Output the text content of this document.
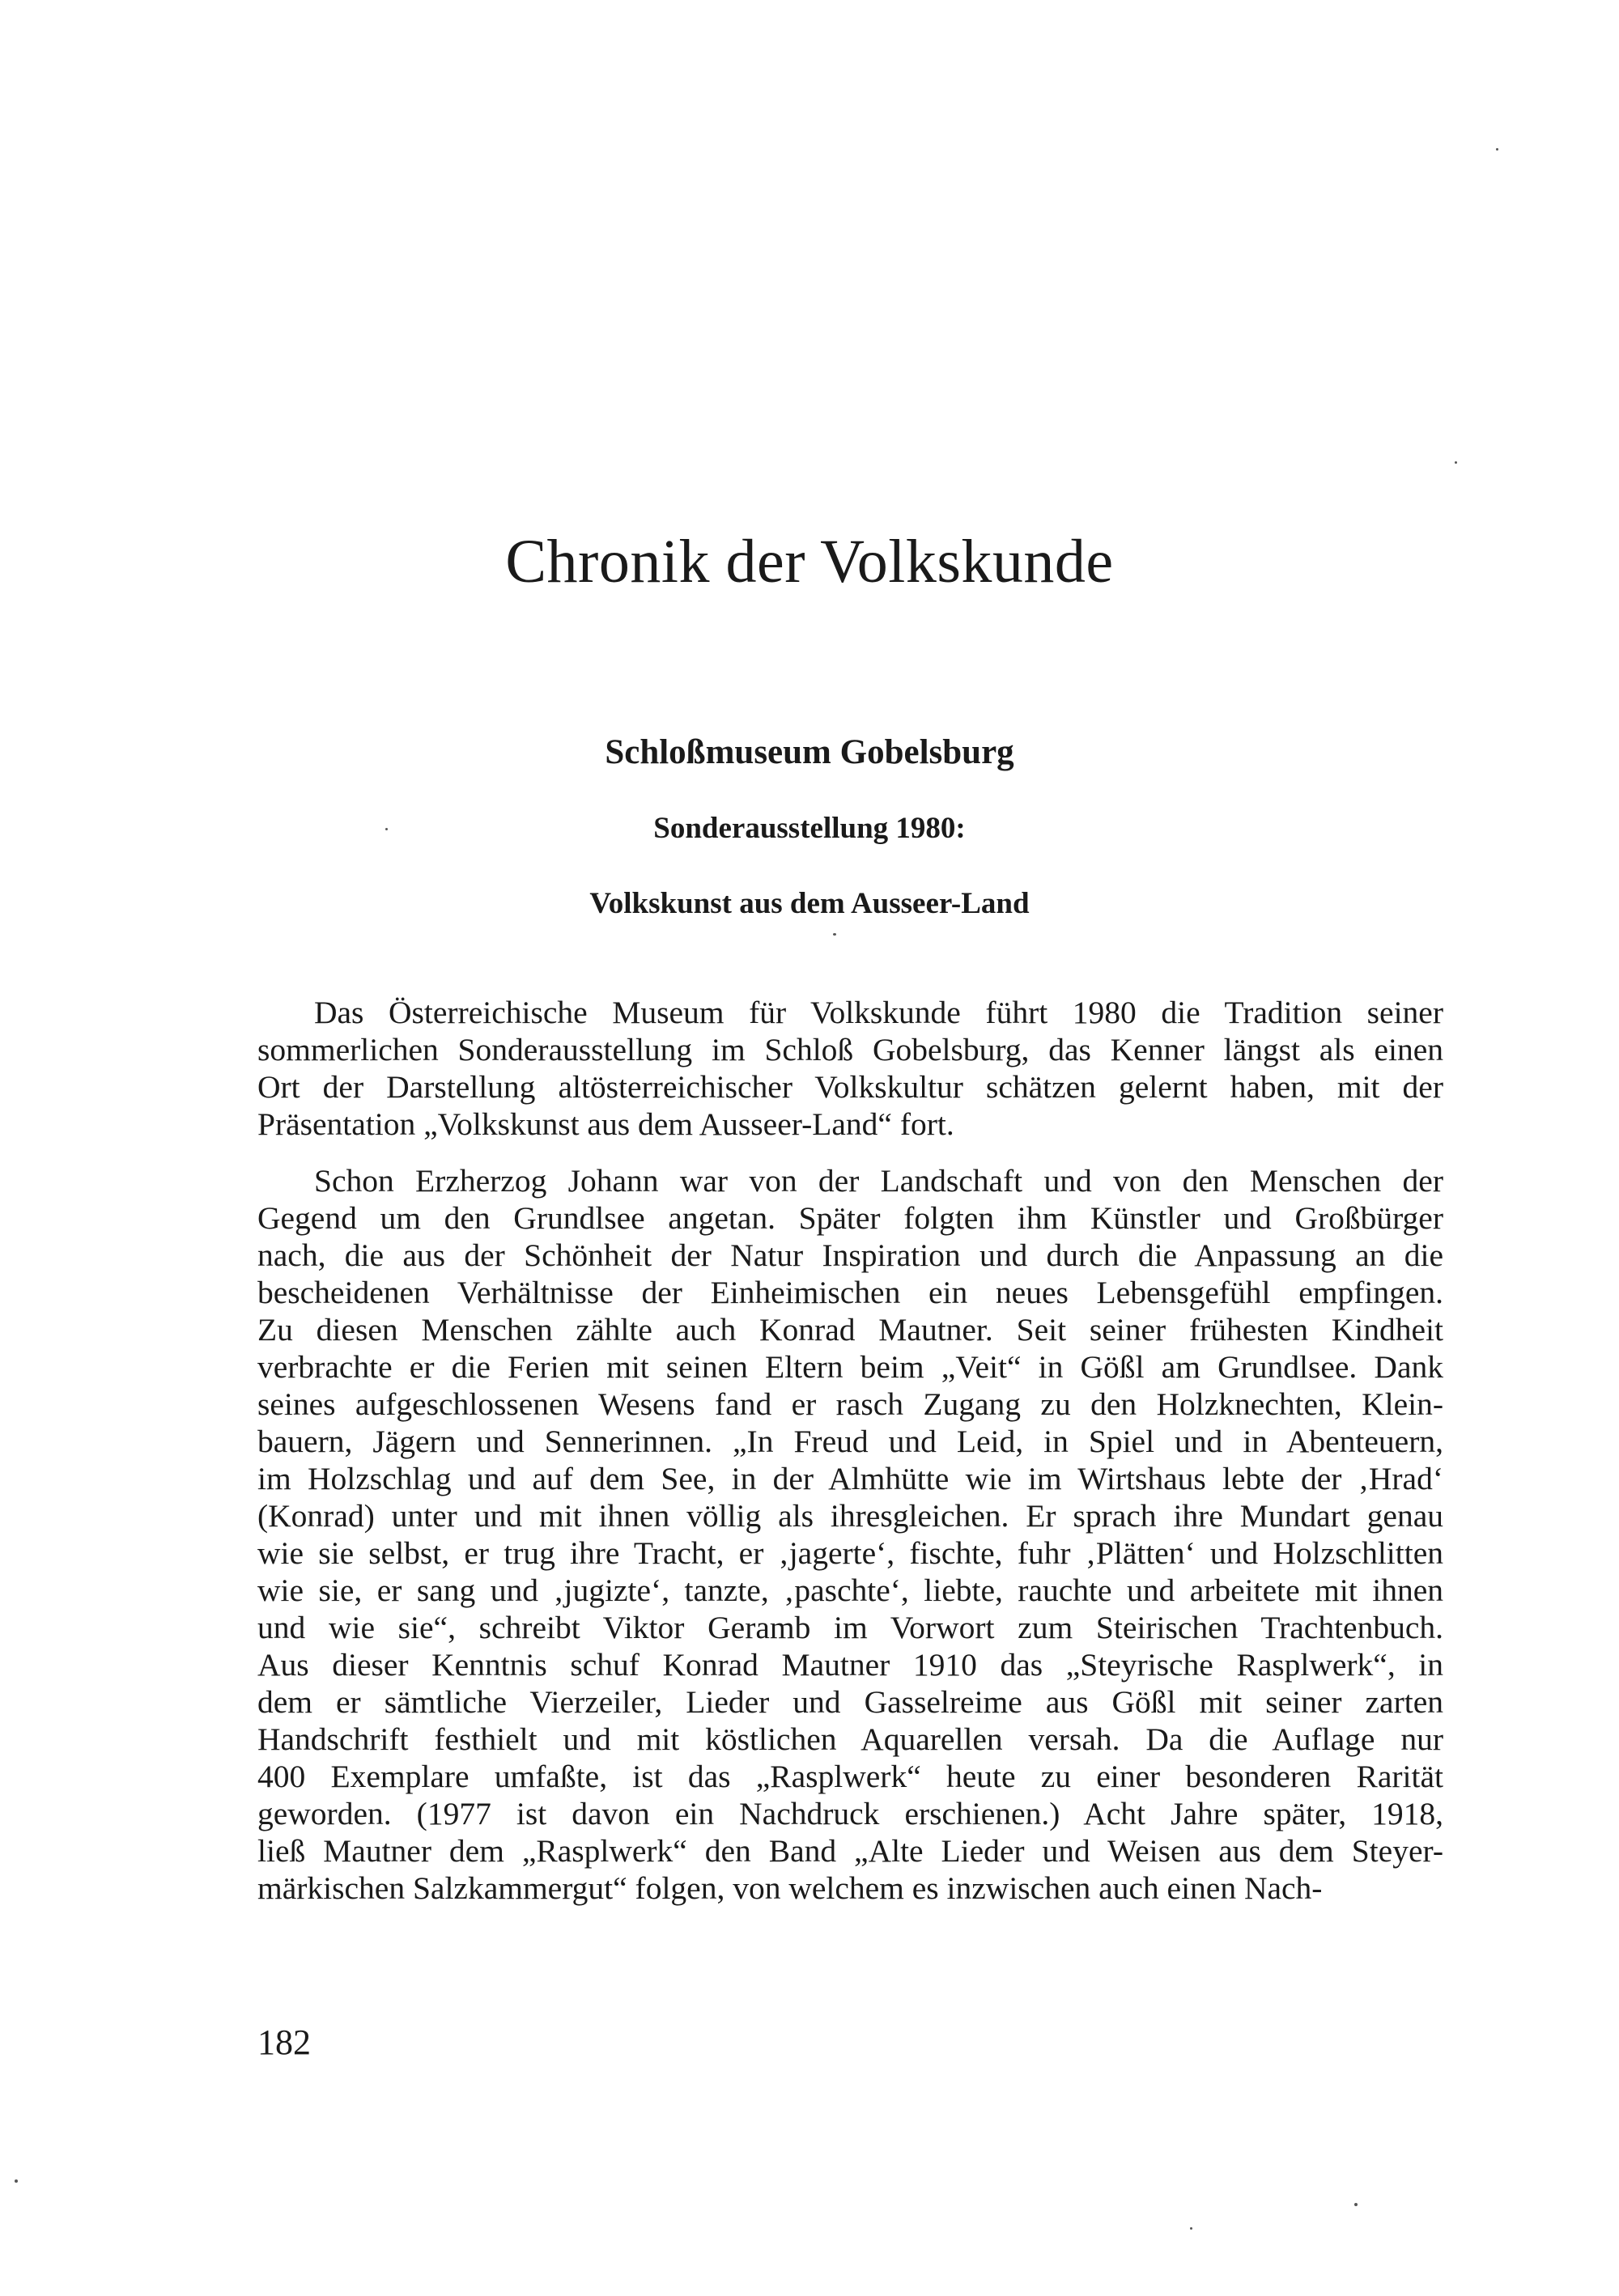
Chronik der Volkskunde
Schloßmuseum Gobelsburg
Sonderausstellung 1980:
Volkskunst aus dem Ausseer-Land
Das Österreichische Museum für Volkskunde führt 1980 die Tradition seiner
sommerlichen Sonderausstellung im Schloß Gobelsburg, das Kenner längst als einen
Ort der Darstellung altösterreichischer Volkskultur schätzen gelernt haben, mit der
Präsentation „Volkskunst aus dem Ausseer-Land“ fort.
Schon Erzherzog Johann war von der Landschaft und von den Menschen der
Gegend um den Grundlsee angetan. Später folgten ihm Künstler und Großbürger
nach, die aus der Schönheit der Natur Inspiration und durch die Anpassung an die
bescheidenen Verhältnisse der Einheimischen ein neues Lebensgefühl empfingen.
Zu diesen Menschen zählte auch Konrad Mautner. Seit seiner frühesten Kindheit
verbrachte er die Ferien mit seinen Eltern beim „Veit“ in Gößl am Grundlsee. Dank
seines aufgeschlossenen Wesens fand er rasch Zugang zu den Holzknechten, Klein-
bauern, Jägern und Sennerinnen. „In Freud und Leid, in Spiel und in Abenteuern,
im Holzschlag und auf dem See, in der Almhütte wie im Wirtshaus lebte der ‚Hrad‘
(Konrad) unter und mit ihnen völlig als ihresgleichen. Er sprach ihre Mundart genau
wie sie selbst, er trug ihre Tracht, er ‚jagerte‘, fischte, fuhr ‚Plätten‘ und Holzschlitten
wie sie, er sang und ‚jugizte‘, tanzte, ‚paschte‘, liebte, rauchte und arbeitete mit ihnen
und wie sie“, schreibt Viktor Geramb im Vorwort zum Steirischen Trachtenbuch.
Aus dieser Kenntnis schuf Konrad Mautner 1910 das „Steyrische Rasplwerk“, in
dem er sämtliche Vierzeiler, Lieder und Gasselreime aus Gößl mit seiner zarten
Handschrift festhielt und mit köstlichen Aquarellen versah. Da die Auflage nur
400 Exemplare umfaßte, ist das „Rasplwerk“ heute zu einer besonderen Rarität
geworden. (1977 ist davon ein Nachdruck erschienen.) Acht Jahre später, 1918,
ließ Mautner dem „Rasplwerk“ den Band „Alte Lieder und Weisen aus dem Steyer-
märkischen Salzkammergut“ folgen, von welchem es inzwischen auch einen Nach-
182
